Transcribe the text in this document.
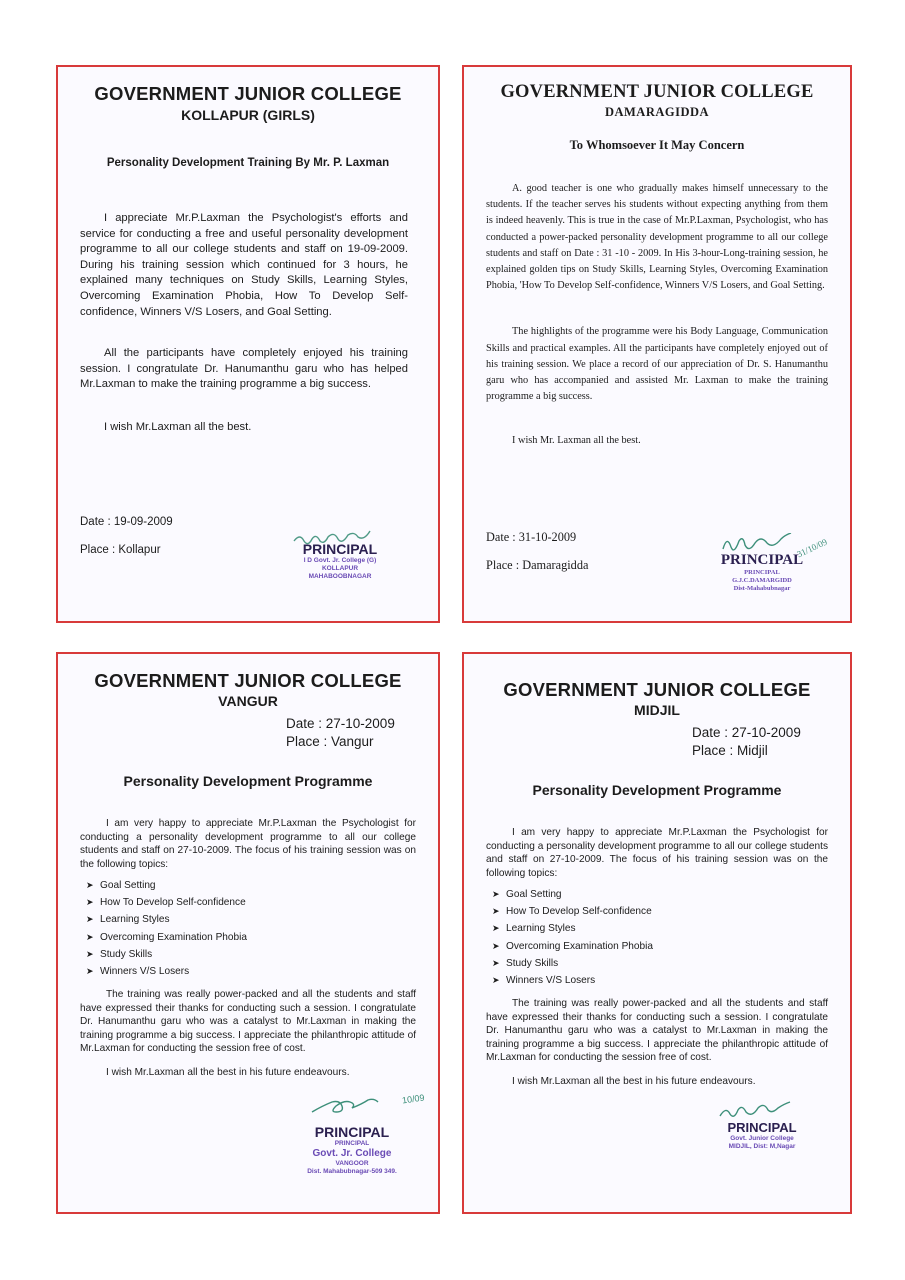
GOVERNMENT JUNIOR COLLEGE
KOLLAPUR (GIRLS)
Personality Development Training By Mr. P. Laxman

I appreciate Mr.P.Laxman the Psychologist's efforts and service for conducting a free and useful personality development programme to all our college students and staff on 19-09-2009. During his training session which continued for 3 hours, he explained many techniques on Study Skills, Learning Styles, Overcoming Examination Phobia, How To Develop Self-confidence, Winners V/S Losers, and Goal Setting.

All the participants have completely enjoyed his training session. I congratulate Dr. Hanumanthu garu who has helped Mr.Laxman to make the training programme a big success.

I wish Mr.Laxman all the best.

Date : 19-09-2009
Place : Kollapur	PRINCIPAL
I D Govt. Jr. College (G)
KOLLAPUR
MAHABOOBNAGAR
GOVERNMENT JUNIOR COLLEGE
DAMARAGIDDA
To Whomsoever It May Concern

A. good teacher is one who gradually makes himself unnecessary to the students. If the teacher serves his students without expecting anything from them is indeed heavenly. This is true in the case of Mr.P.Laxman, Psychologist, who has conducted a power-packed personality development programme to all our college students and staff on Date : 31 -10 - 2009. In His 3-hour-Long-training session, he explained golden tips on Study Skills, Learning Styles, Overcoming Examination Phobia, 'How To Develop Self-confidence, Winners V/S Losers, and Goal Setting.

The highlights of the programme were his Body Language, Communication Skills and practical examples. All the participants have completely enjoyed out of his training session. We place a record of our appreciation of Dr. S. Hanumanthu garu who has accompanied and assisted Mr. Laxman to make the training programme a big success.

I wish Mr. Laxman all the best.

Date : 31-10-2009
Place : Damaragidda
31/10/09
PRINCIPAL
PRINCIPAL
G.J.C.DAMARGIDD
Dist-Mahabubnagar
GOVERNMENT JUNIOR COLLEGE
VANGUR
Date : 27-10-2009
Place : Vangur
Personality Development Programme

I am very happy to appreciate Mr.P.Laxman the Psychologist for conducting a personality development programme to all our college students and staff on 27-10-2009. The focus of his training session was on the following topics:

➤ Goal Setting
➤ How To Develop Self-confidence
➤ Learning Styles
➤ Overcoming Examination Phobia
➤ Study Skills
➤ Winners V/S Losers

The training was really power-packed and all the students and staff have expressed their thanks for conducting such a session. I congratulate Dr. Hanumanthu garu who was a catalyst to Mr.Laxman in making the training programme a big success. I appreciate the philanthropic attitude of Mr.Laxman for conducting the session free of cost.

I wish Mr.Laxman all the best in his future endeavours.

10/09
PRINCIPAL
PRINCIPAL
Govt. Jr. College
VANGOOR
Dist. Mahabubnagar-509 349.
GOVERNMENT JUNIOR COLLEGE
MIDJIL
Date : 27-10-2009
Place : Midjil
Personality Development Programme

I am very happy to appreciate Mr.P.Laxman the Psychologist for conducting a personality development programme to all our college students and staff on 27-10-2009. The focus of his training session was on the following topics:

➤ Goal Setting
➤ How To Develop Self-confidence
➤ Learning Styles
➤ Overcoming Examination Phobia
➤ Study Skills
➤ Winners V/S Losers

The training was really power-packed and all the students and staff have expressed their thanks for conducting such a session. I congratulate Dr. Hanumanthu garu who was a catalyst to Mr.Laxman in making the training programme a big success. I appreciate the philanthropic attitude of Mr.Laxman for conducting the session free of cost.

I wish Mr.Laxman all the best in his future endeavours.

PRINCIPAL
Govt. Junior College
MIDJIL, Dist: M,Nagar
